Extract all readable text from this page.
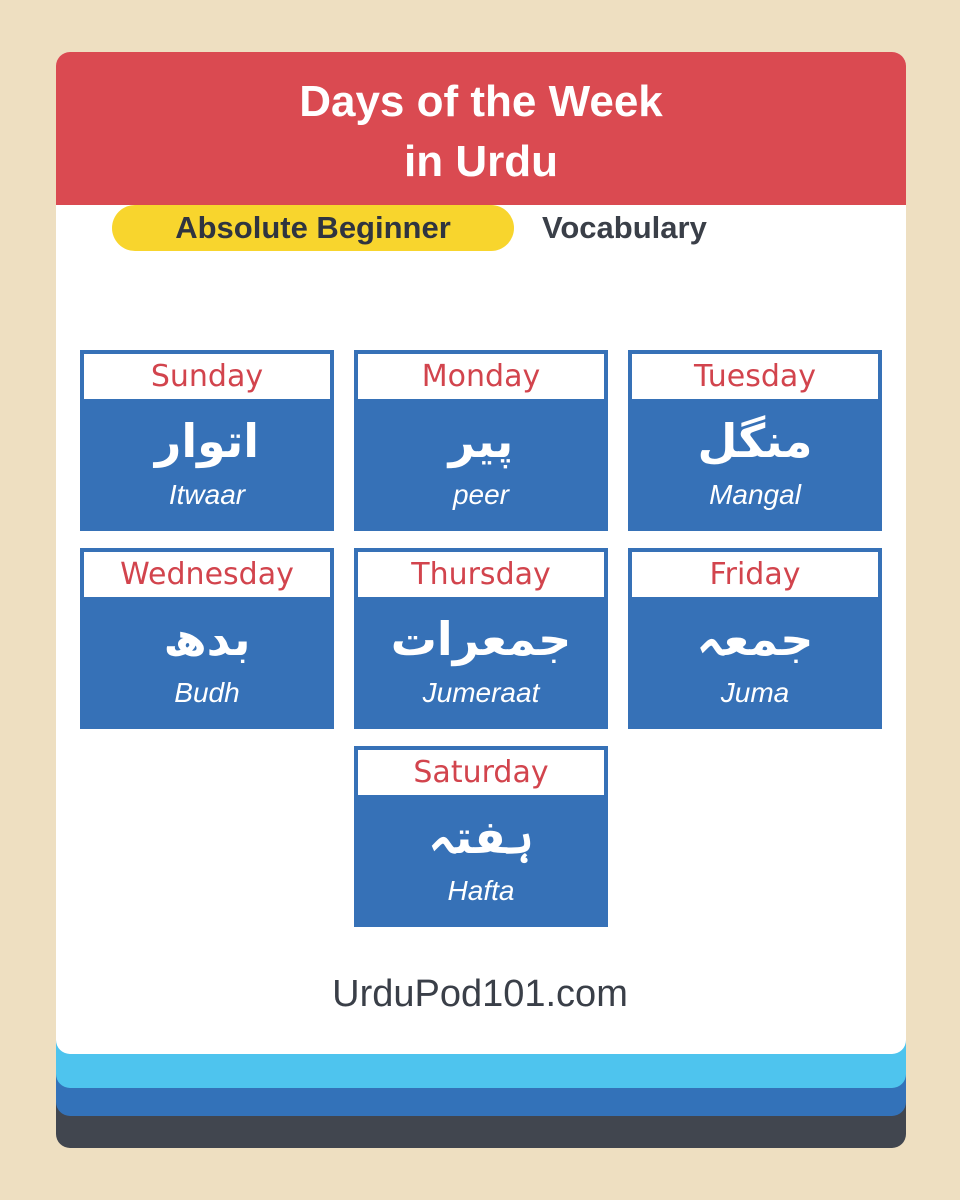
Days of the Week
in Urdu
Absolute Beginner	Vocabulary
Sunday
اتوار
Itwaar
Monday
پیر
peer
Tuesday
منگل
Mangal
Wednesday
بدھ
Budh
Thursday
جمعرات
Jumeraat
Friday
جمعہ
Juma
Saturday
ہفتہ
Hafta
UrduPod101.com
